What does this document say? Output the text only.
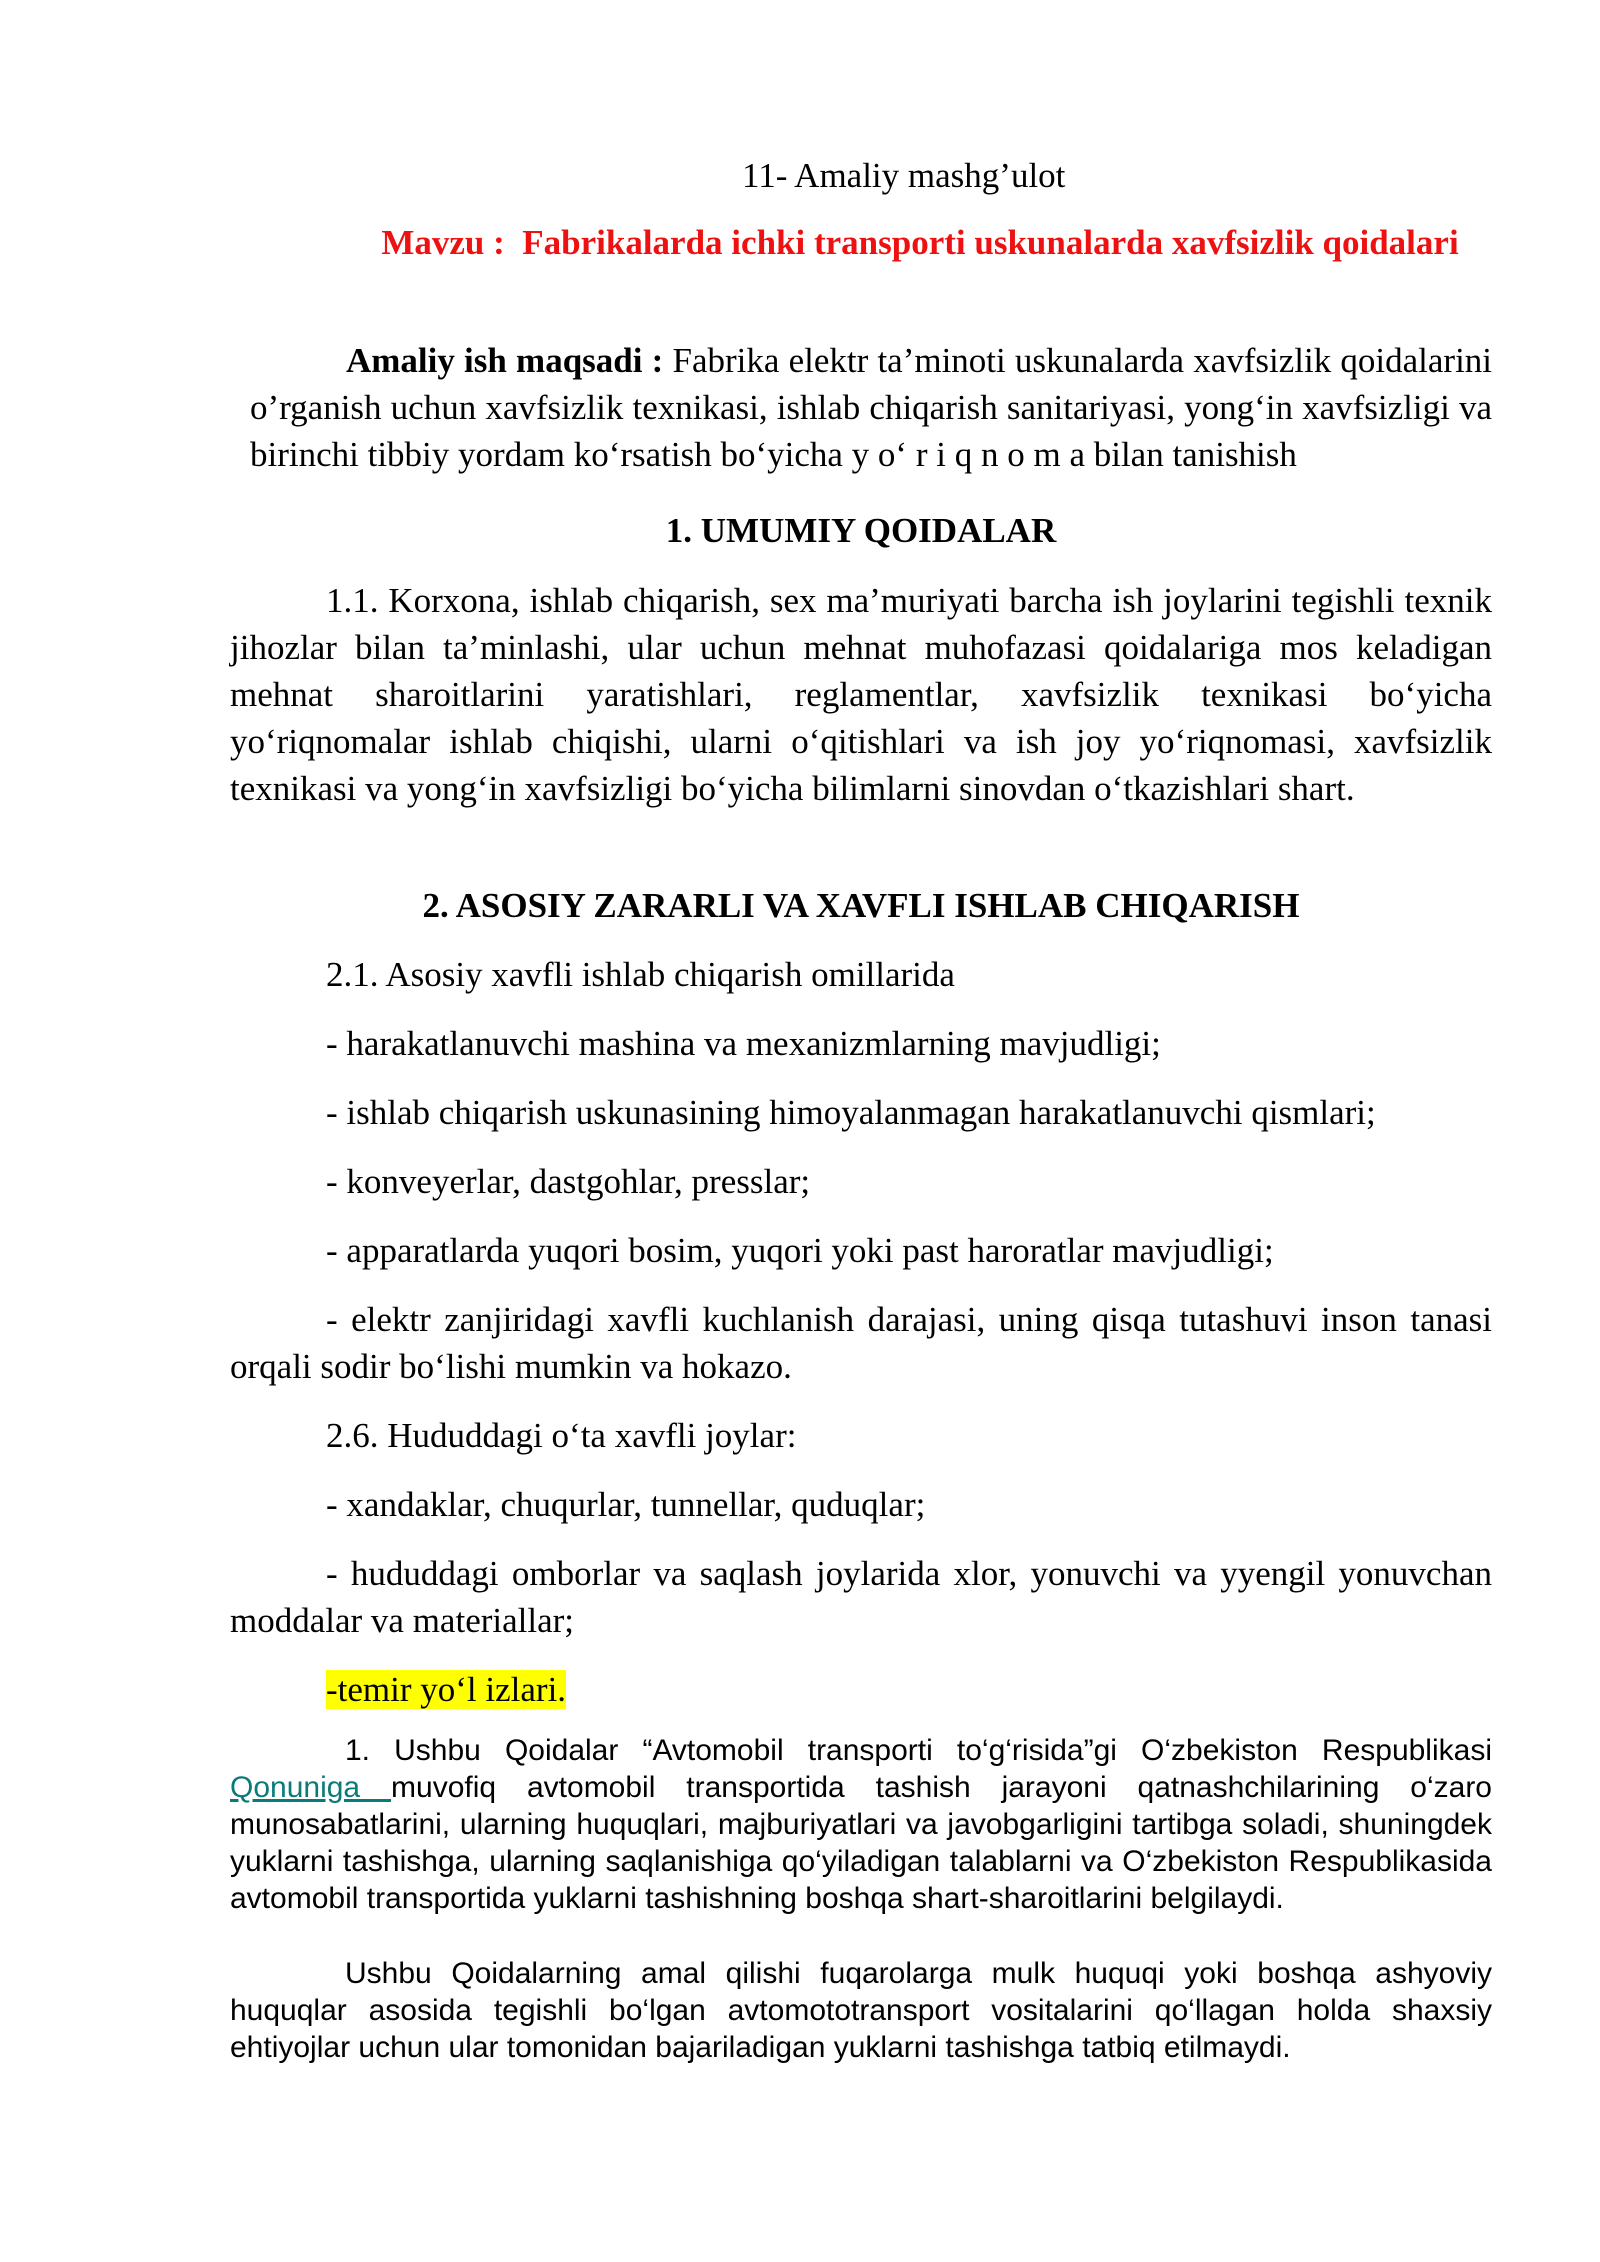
11- Amaliy mashg’ulot

Mavzu : Fabrikalarda ichki transporti uskunalarda xavfsizlik qoidalari

Amaliy ish maqsadi : Fabrika elektr ta’minoti uskunalarda xavfsizlik qoidalarini o’rganish uchun xavfsizlik texnikasi, ishlab chiqarish sanitariyasi, yong‘in xavfsizligi va birinchi tibbiy yordam ko‘rsatish bo‘yicha y o‘ r i q n o m a bilan tanishish

1. UMUMIY QOIDALAR

1.1. Korxona, ishlab chiqarish, sex ma’muriyati barcha ish joylarini tegishli texnik jihozlar bilan ta’minlashi, ular uchun mehnat muhofazasi qoidalariga mos keladigan mehnat sharoitlarini yaratishlari, reglamentlar, xavfsizlik texnikasi bo‘yicha yo‘riqnomalar ishlab chiqishi, ularni o‘qitishlari va ish joy yo‘riqnomasi, xavfsizlik texnikasi va yong‘in xavfsizligi bo‘yicha bilimlarni sinovdan o‘tkazishlari shart.

2. ASOSIY ZARARLI VA XAVFLI ISHLAB CHIQARISH

2.1. Asosiy xavfli ishlab chiqarish omillarida

- harakatlanuvchi mashina va mexanizmlarning mavjudligi;

- ishlab chiqarish uskunasining himoyalanmagan harakatlanuvchi qismlari;

- konveyerlar, dastgohlar, presslar;

- apparatlarda yuqori bosim, yuqori yoki past haroratlar mavjudligi;

- elektr zanjiridagi xavfli kuchlanish darajasi, uning qisqa tutashuvi inson tanasi orqali sodir bo‘lishi mumkin va hokazo.

2.6. Hududdagi o‘ta xavfli joylar:

- xandaklar, chuqurlar, tunnellar, quduqlar;

- hududdagi omborlar va saqlash joylarida xlor, yonuvchi va yyengil yonuvchan moddalar va materiallar;

-temir yo‘l izlari.

1. Ushbu Qoidalar “Avtomobil transporti to‘g‘risida”gi O‘zbekiston Respublikasi Qonuniga muvofiq avtomobil transportida tashish jarayoni qatnashchilarining o‘zaro munosabatlarini, ularning huquqlari, majburiyatlari va javobgarligini tartibga soladi, shuningdek yuklarni tashishga, ularning saqlanishiga qo‘yiladigan talablarni va O‘zbekiston Respublikasida avtomobil transportida yuklarni tashishning boshqa shart-sharoitlarini belgilaydi.

Ushbu Qoidalarning amal qilishi fuqarolarga mulk huquqi yoki boshqa ashyoviy huquqlar asosida tegishli bo‘lgan avtomototransport vositalarini qo‘llagan holda shaxsiy ehtiyojlar uchun ular tomonidan bajariladigan yuklarni tashishga tatbiq etilmaydi.
